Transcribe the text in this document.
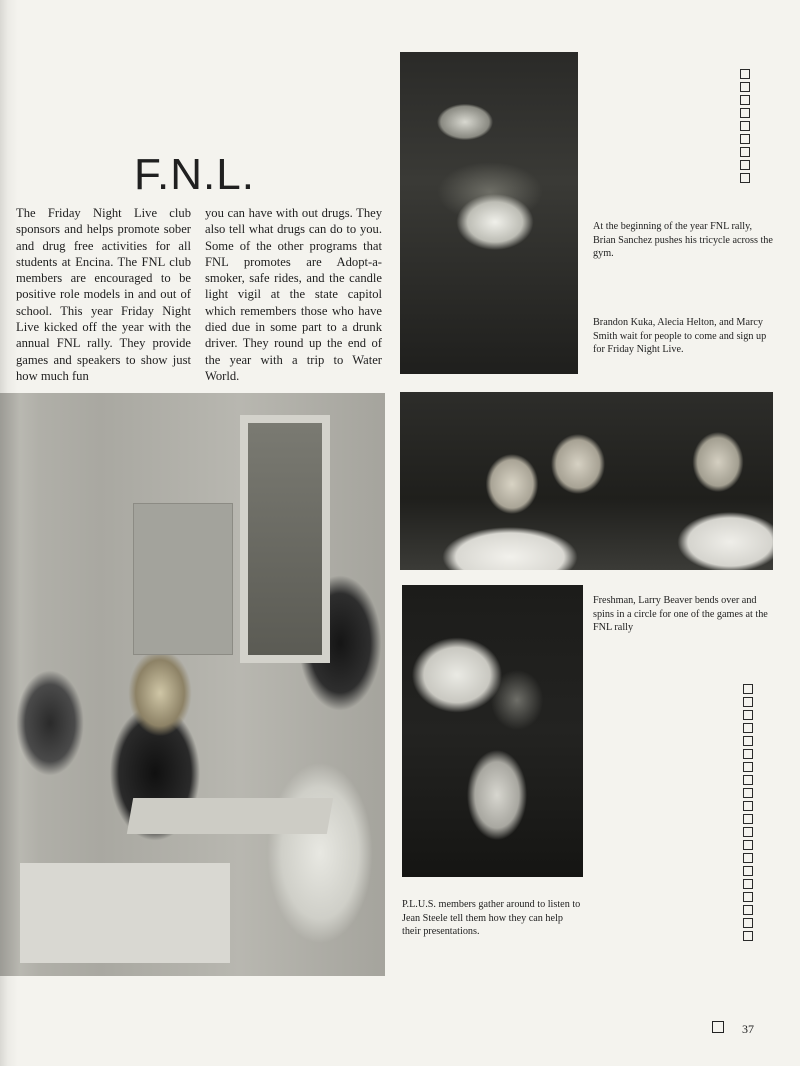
F.N.L.
The Friday Night Live club sponsors and helps promote sober and drug free activities for all students at Encina. The FNL club members are encouraged to be positive role models in and out of school. This year Friday Night Live kicked off the year with the annual FNL rally. They provide games and speakers to show just how much fun
you can have with out drugs. They also tell what drugs can do to you. Some of the other programs that FNL promotes are Adopt-a-smoker, safe rides, and the candle light vigil at the state capitol which remembers those who have died due in some part to a drunk driver. They round up the end of the year with a trip to Water World.
At the beginning of the year FNL rally, Brian Sanchez pushes his tricycle across the gym.
Brandon Kuka, Alecia Helton, and Marcy Smith wait for people to come and sign up for Friday Night Live.
Freshman, Larry Beaver bends over and spins in a circle for one of the games at the FNL rally
P.L.U.S. members gather around to listen to Jean Steele tell them how they can help their presentations.
37
